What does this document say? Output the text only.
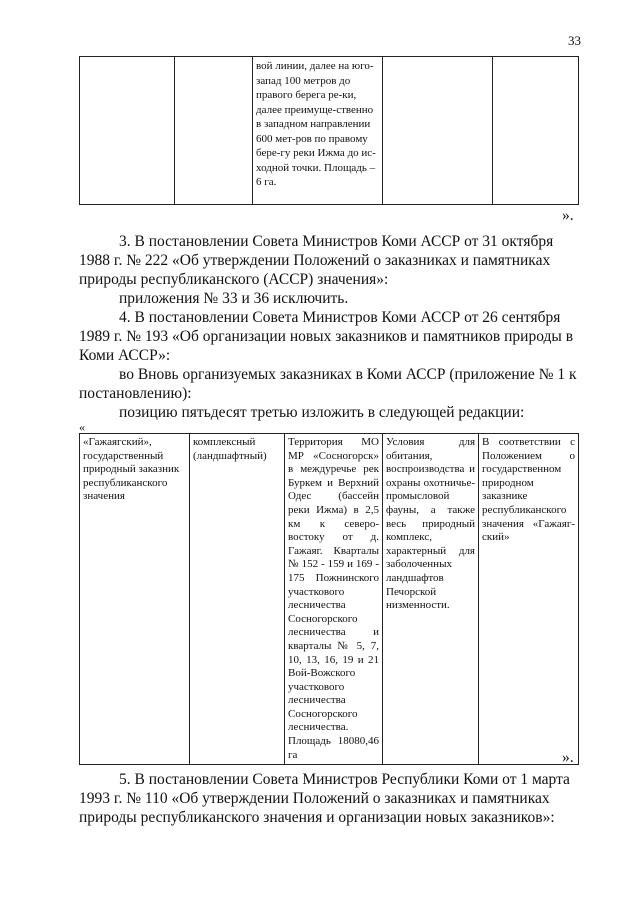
33
		вой линии, далее на юго-запад 100 метров до правого берега ре-ки, далее преимуще-ственно в западном направлении 600 мет-ров по правому бере-гу реки Ижма до ис-ходной точки. Площадь – 6 га.		
».
3. В постановлении Совета Министров Коми АССР от 31 октября
1988 г. № 222 «Об утверждении Положений о заказниках и памятниках
природы республиканского (АССР) значения»:
приложения № 33 и 36 исключить.
4. В постановлении Совета Министров Коми АССР от 26 сентября
1989 г. № 193 «Об организации новых заказников и памятников природы в
Коми АССР»:
во Вновь организуемых заказниках в Коми АССР (приложение № 1 к
постановлению):
позицию пятьдесят третью изложить в следующей редакции:
«
«Гажаягский», государственный природный заказник республиканского значения	комплексный (ландшафтный)	Территория МО МР «Сосногорск» в междуречье рек Буркем и Верхний Одес (бассейн реки Ижма) в 2,5 км к северо-востоку от д. Гажаяг. Кварталы № 152 - 159 и 169 - 175 Пожнинского участкового лесничества Сосногорского лесничества и кварталы № 5, 7, 10, 13, 16, 19 и 21 Вой-Вожского участкового лесничества Сосногорского лесничества. Площадь 18080,46 га	Условия для обитания, воспроизводства и охраны охотничье-промысловой фауны, а также весь природный комплекс, характерный для заболоченных ландшафтов Печорской низменности.	В соответствии с Положением о государственном природном заказнике республиканского значения «Гажаяг-ский»
».
5. В постановлении Совета Министров Республики Коми от 1 марта
1993 г. № 110 «Об утверждении Положений о заказниках и памятниках
природы республиканского значения и организации новых заказников»:
